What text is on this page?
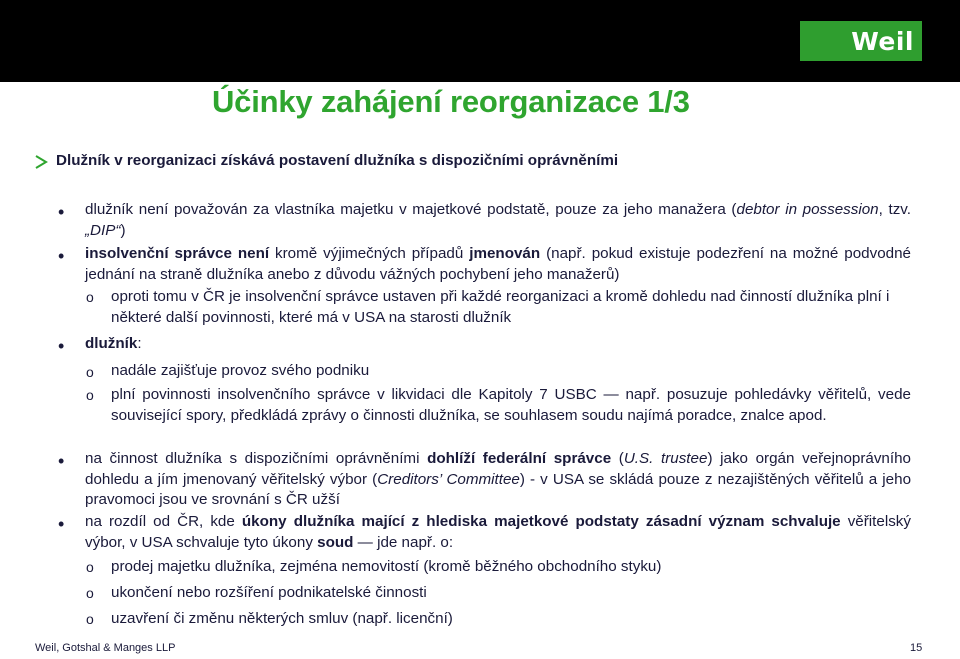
Weil
Účinky zahájení reorganizace 1/3
Dlužník v reorganizaci získává postavení dlužníka s dispozičními oprávněními
• dlužník není považován za vlastníka majetku v majetkové podstatě, pouze za jeho manažera (debtor in possession, tzv. „DIP“)
• insolvenční správce není kromě výjimečných případů jmenován (např. pokud existuje podezření na možné podvodné jednání na straně dlužníka anebo z důvodu vážných pochybení jeho manažerů)
o oproti tomu v ČR je insolvenční správce ustaven při každé reorganizaci a kromě dohledu nad činností dlužníka plní i některé další povinnosti, které má v USA na starosti dlužník
• dlužník:
o nadále zajišťuje provoz svého podniku
o plní povinnosti insolvenčního správce v likvidaci dle Kapitoly 7 USBC — např. posuzuje pohledávky věřitelů, vede související spory, předkládá zprávy o činnosti dlužníka, se souhlasem soudu najímá poradce, znalce apod.
• na činnost dlužníka s dispozičními oprávněními dohlíží federální správce (U.S. trustee) jako orgán veřejnoprávního dohledu a jím jmenovaný věřitelský výbor (Creditors’ Committee) - v USA se skládá pouze z nezajištěných věřitelů a jeho pravomoci jsou ve srovnání s ČR užší
• na rozdíl od ČR, kde úkony dlužníka mající z hlediska majetkové podstaty zásadní význam schvaluje věřitelský výbor, v USA schvaluje tyto úkony soud — jde např. o:
o prodej majetku dlužníka, zejména nemovitostí (kromě běžného obchodního styku)
o ukončení nebo rozšíření podnikatelské činnosti
o uzavření či změnu některých smluv (např. licenční)
Weil, Gotshal & Manges LLP	15
